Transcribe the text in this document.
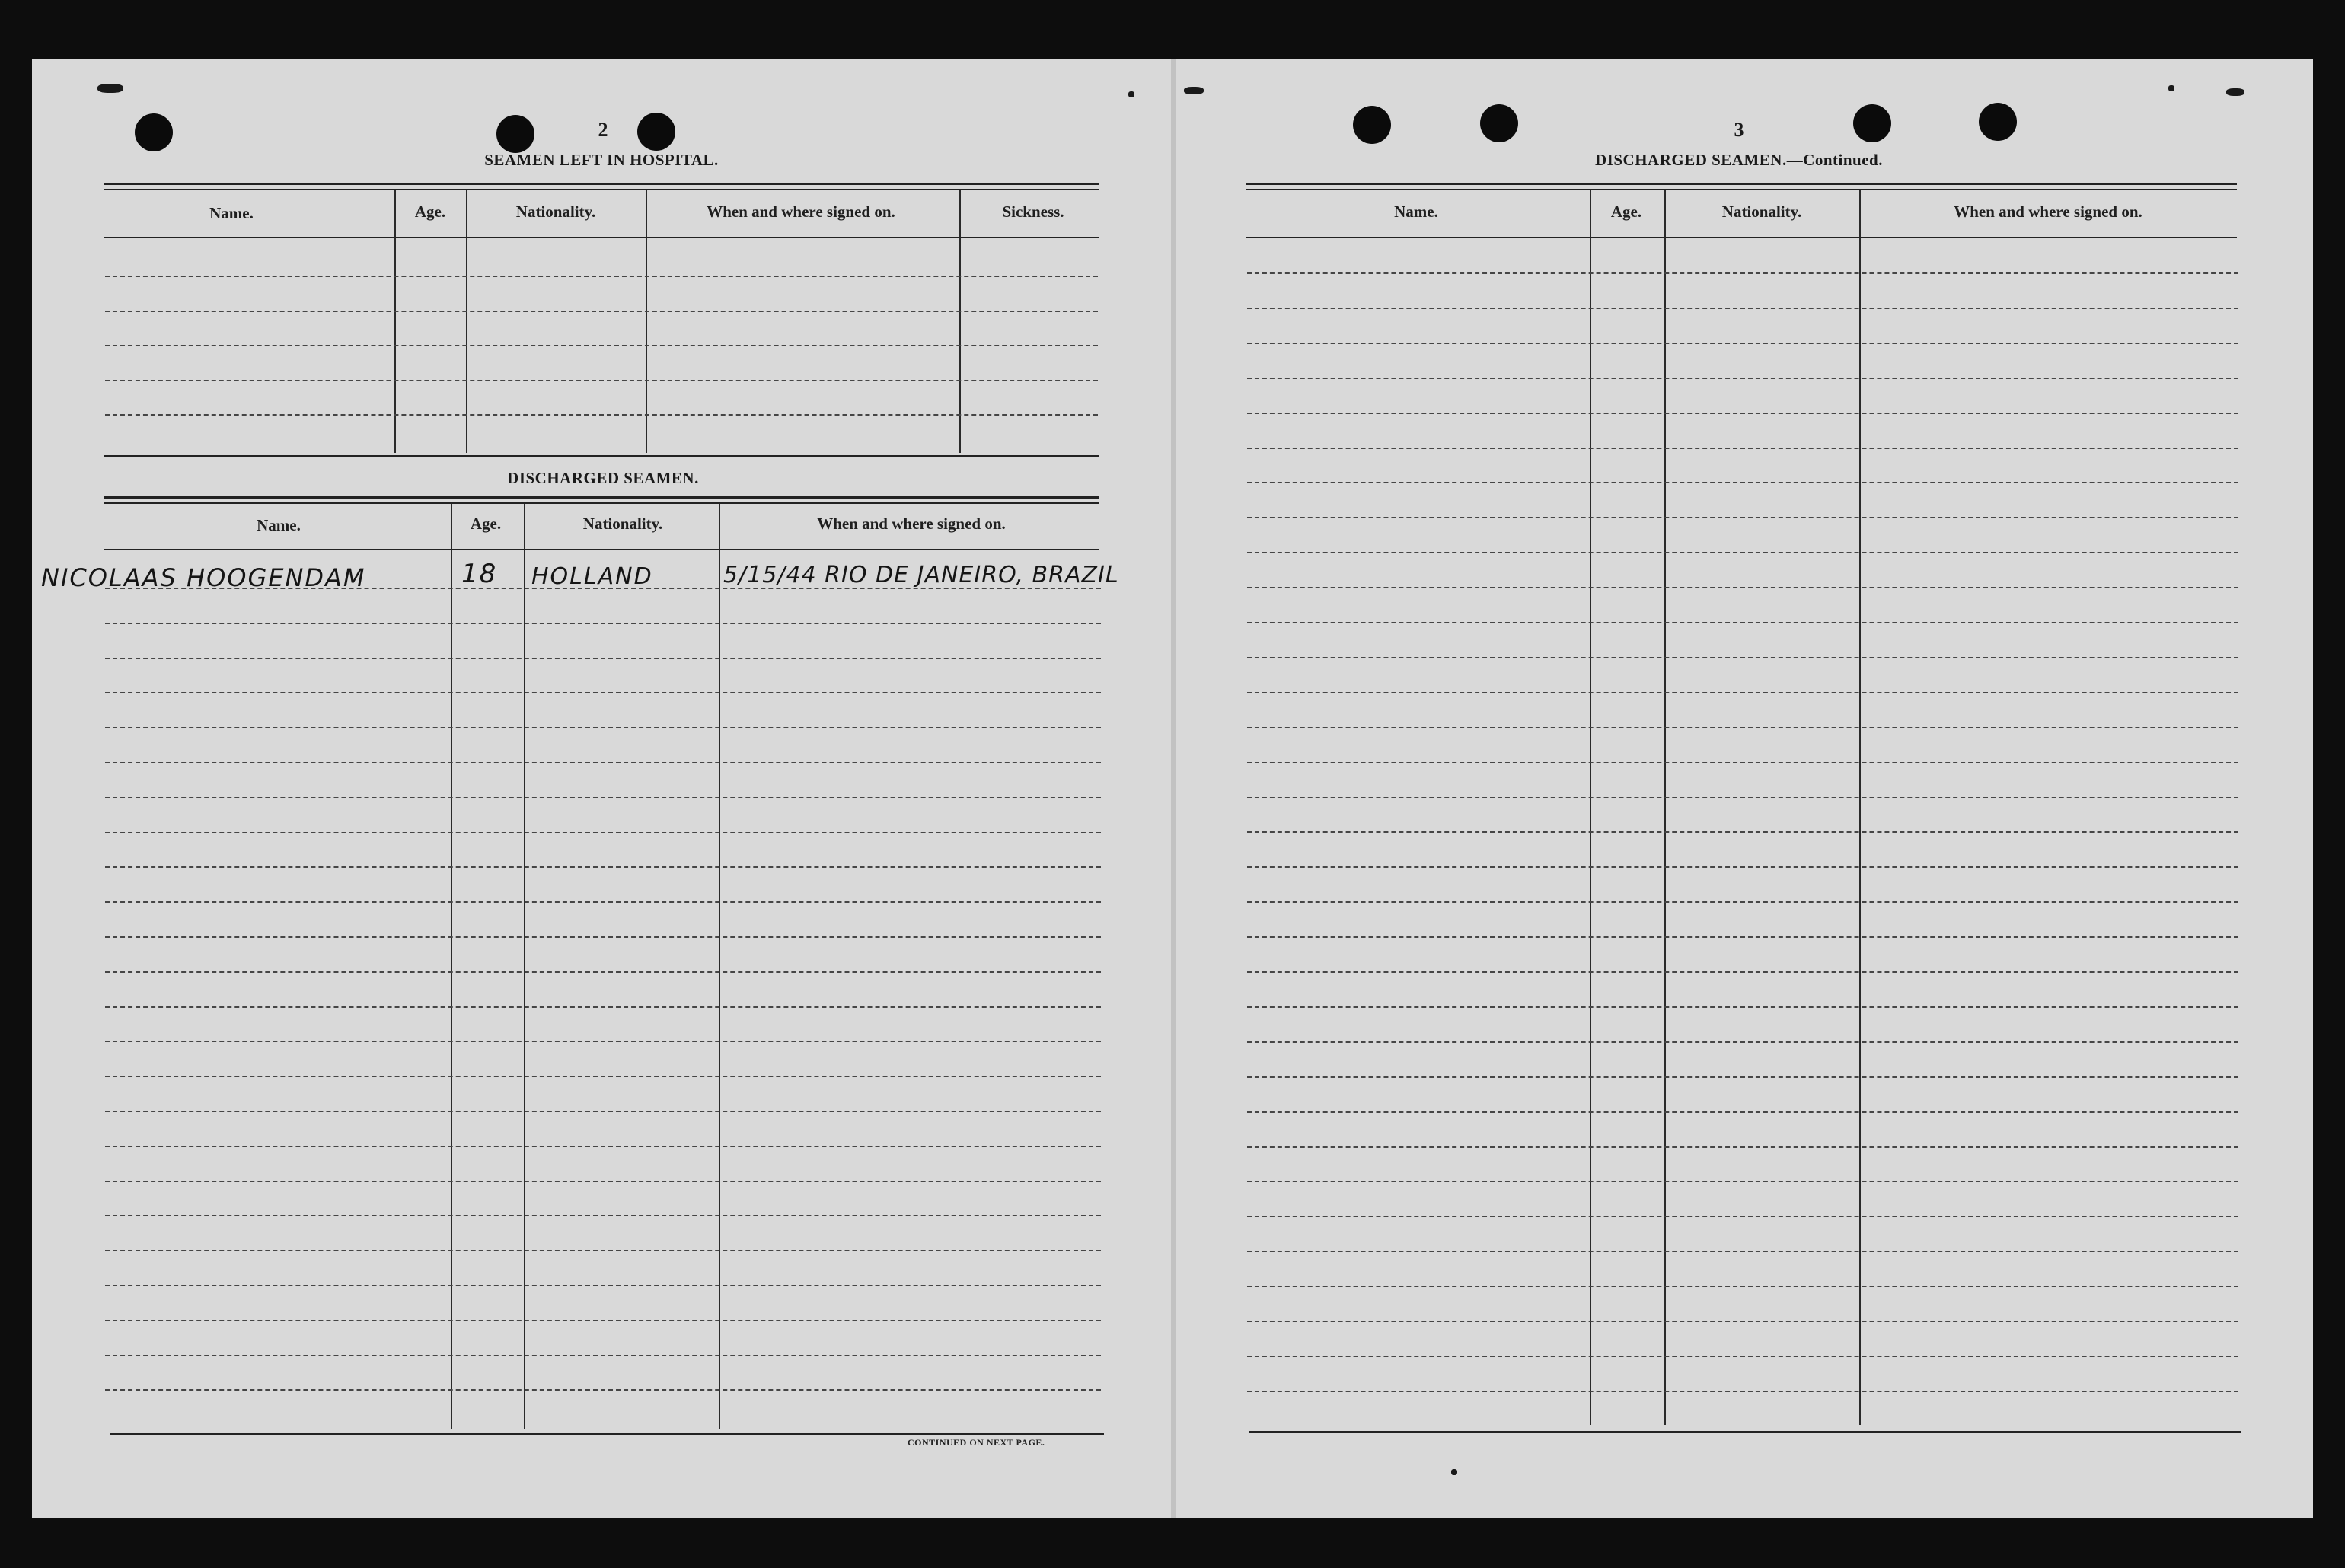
2
SEAMEN LEFT IN HOSPITAL.
Name.	Age.	Nationality.	When and where signed on.	Sickness.
DISCHARGED SEAMEN.
Name.	Age.	Nationality.	When and where signed on.
NICOLAAS HOOGENDAM	18 HOLLAND	5/15/44 RIO DE JANEIRO, BRAZIL
CONTINUED ON NEXT PAGE.
3
DISCHARGED SEAMEN.—Continued.
Name.	Age.	Nationality.	When and where signed on.
